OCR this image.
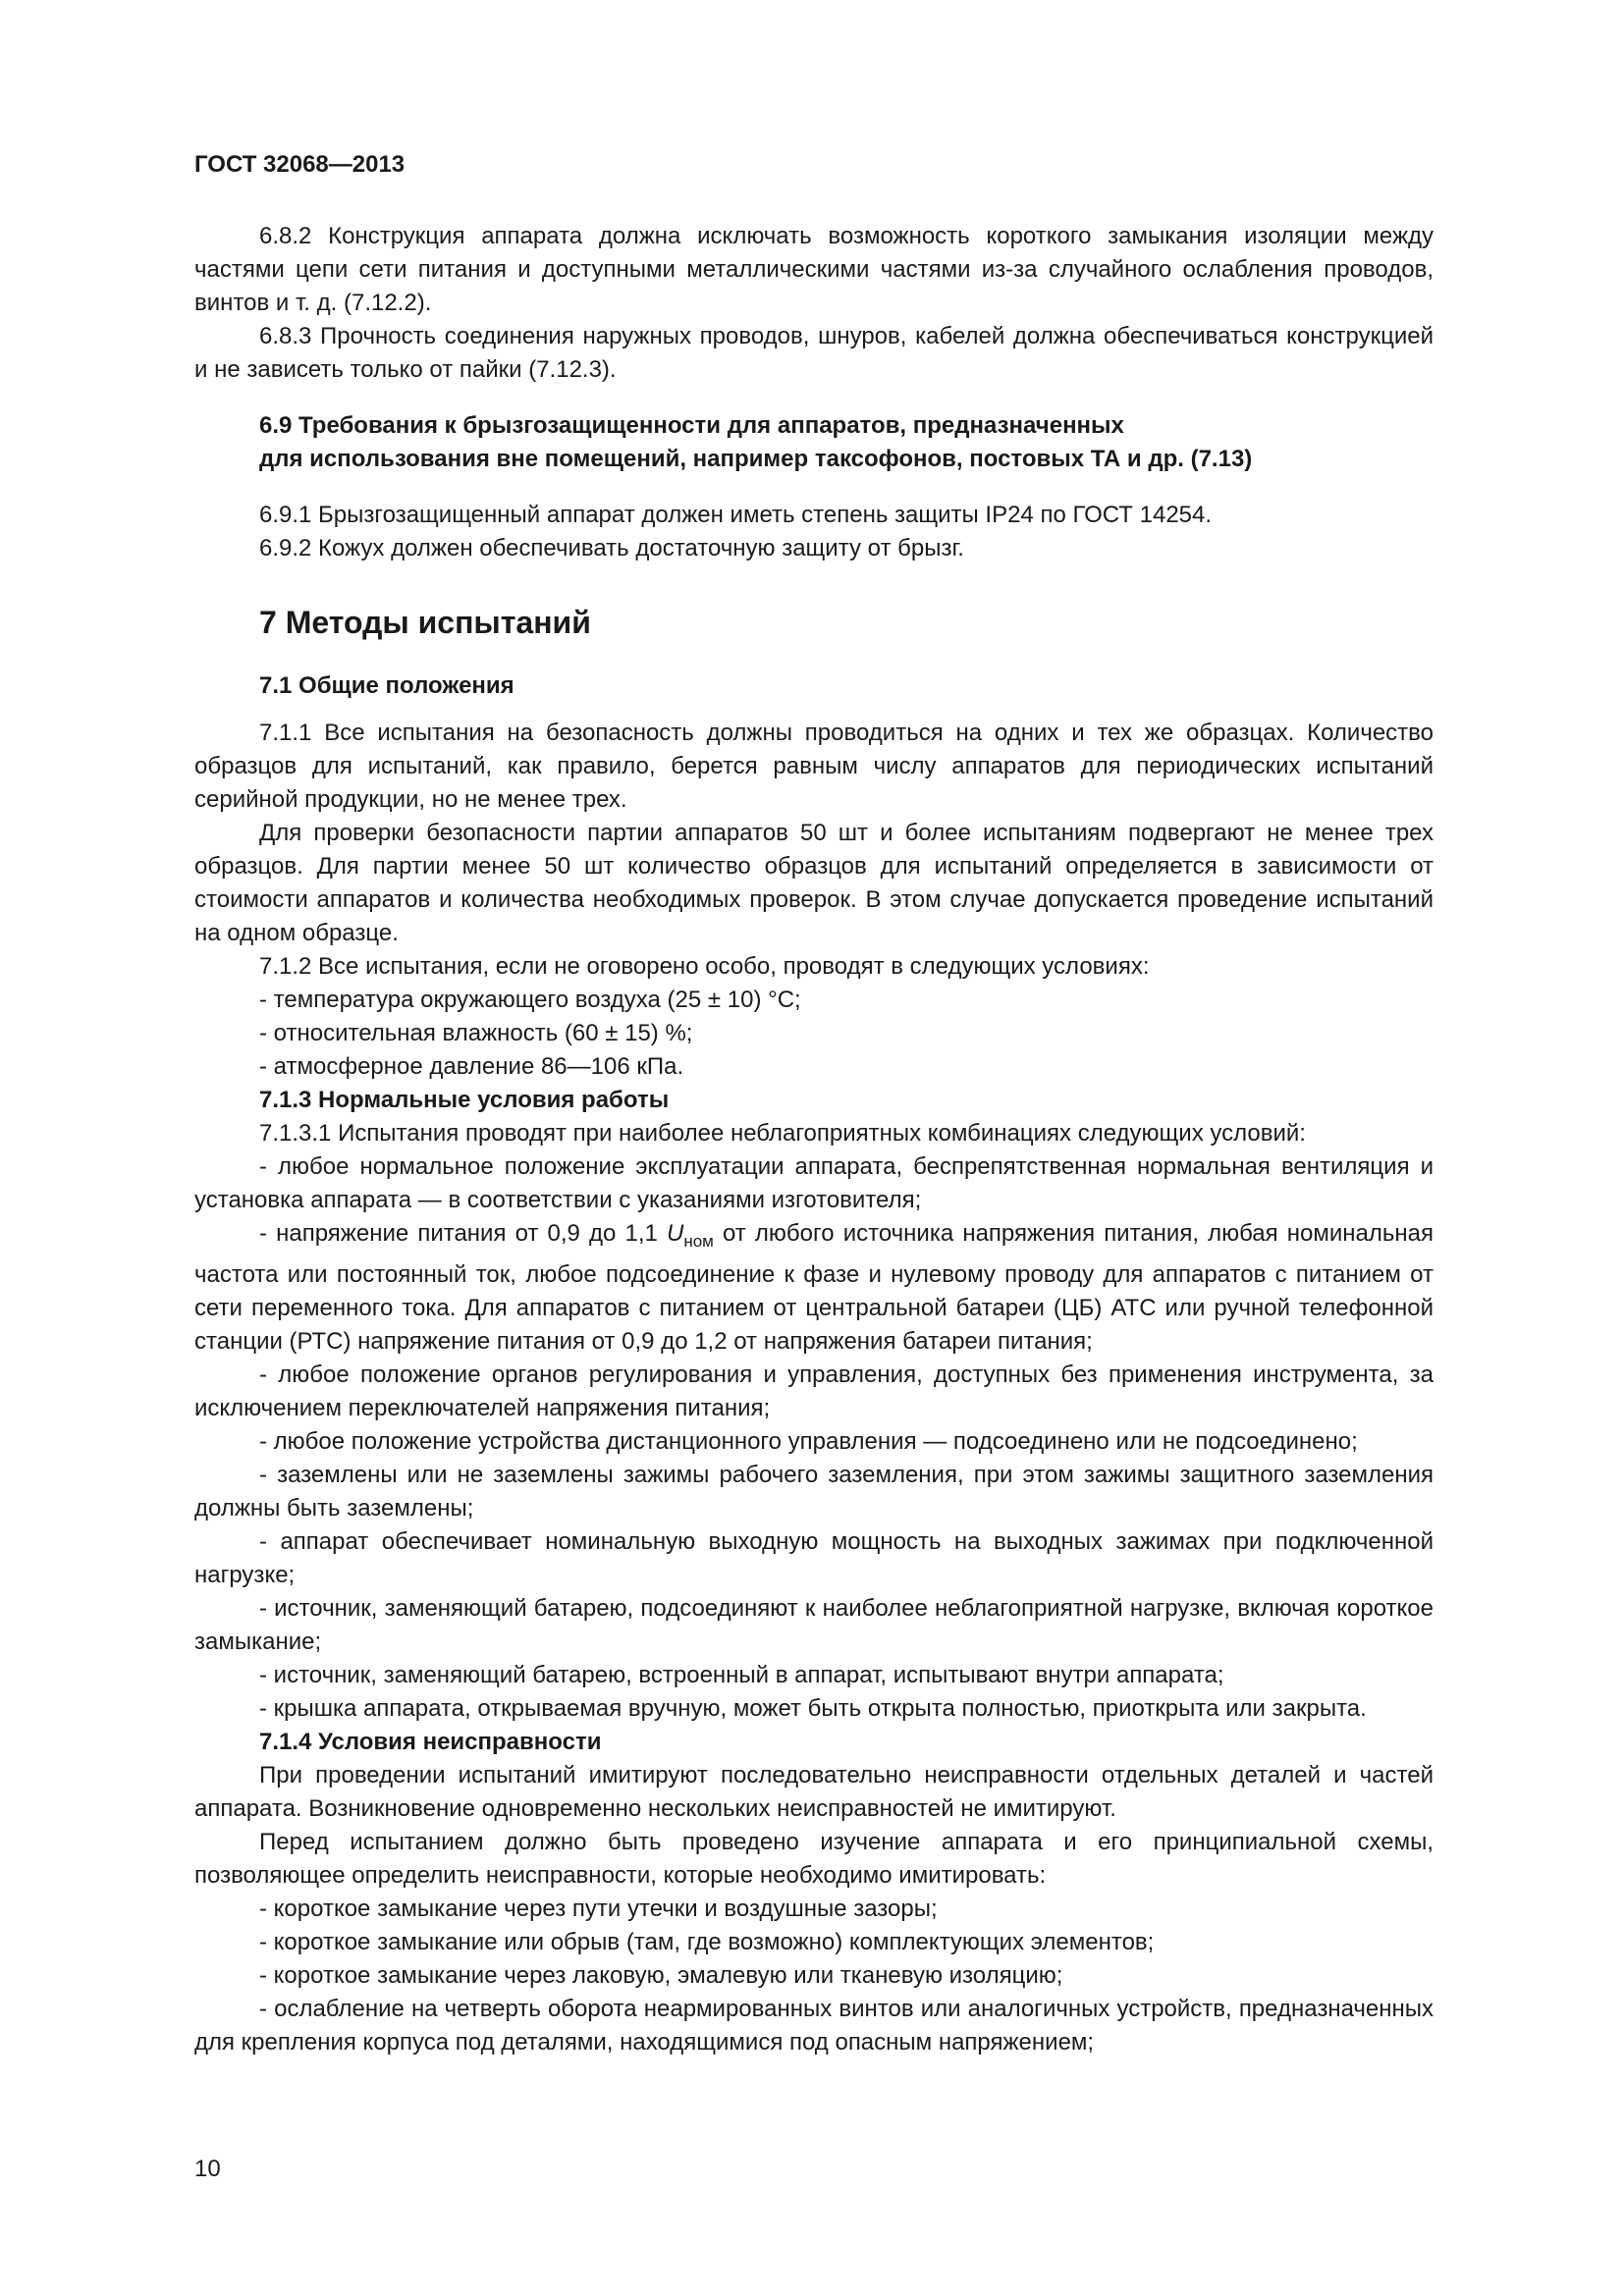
ГОСТ 32068—2013

6.8.2 Конструкция аппарата должна исключать возможность короткого замыкания изоляции между частями цепи сети питания и доступными металлическими частями из-за случайного ослабления проводов, винтов и т. д. (7.12.2).

6.8.3 Прочность соединения наружных проводов, шнуров, кабелей должна обеспечиваться конструкцией и не зависеть только от пайки (7.12.3).

6.9 Требования к брызгозащищенности для аппаратов, предназначенных
для использования вне помещений, например таксофонов, постовых ТА и др. (7.13)

6.9.1 Брызгозащищенный аппарат должен иметь степень защиты IP24 по ГОСТ 14254.

6.9.2 Кожух должен обеспечивать достаточную защиту от брызг.

7 Методы испытаний
7.1 Общие положения

7.1.1 Все испытания на безопасность должны проводиться на одних и тех же образцах. Количество образцов для испытаний, как правило, берется равным числу аппаратов для периодических испытаний серийной продукции, но не менее трех.

Для проверки безопасности партии аппаратов 50 шт и более испытаниям подвергают не менее трех образцов. Для партии менее 50 шт количество образцов для испытаний определяется в зависимости от стоимости аппаратов и количества необходимых проверок. В этом случае допускается проведение испытаний на одном образце.

7.1.2 Все испытания, если не оговорено особо, проводят в следующих условиях:

- температура окружающего воздуха (25 ± 10) °С;

- относительная влажность (60 ± 15) %;

- атмосферное давление 86—106 кПа.

7.1.3 Нормальные условия работы

7.1.3.1 Испытания проводят при наиболее неблагоприятных комбинациях следующих условий:

- любое нормальное положение эксплуатации аппарата, беспрепятственная нормальная вентиляция и установка аппарата — в соответствии с указаниями изготовителя;

- напряжение питания от 0,9 до 1,1 $U_{ном}$ от любого источника напряжения питания, любая номинальная частота или постоянный ток, любое подсоединение к фазе и нулевому проводу для аппаратов с питанием от сети переменного тока. Для аппаратов с питанием от центральной батареи (ЦБ) АТС или ручной телефонной станции (РТС) напряжение питания от 0,9 до 1,2 от напряжения батареи питания;

- любое положение органов регулирования и управления, доступных без применения инструмента, за исключением переключателей напряжения питания;

- любое положение устройства дистанционного управления — подсоединено или не подсоединено;

- заземлены или не заземлены зажимы рабочего заземления, при этом зажимы защитного заземления должны быть заземлены;

- аппарат обеспечивает номинальную выходную мощность на выходных зажимах при подключенной нагрузке;

- источник, заменяющий батарею, подсоединяют к наиболее неблагоприятной нагрузке, включая короткое замыкание;

- источник, заменяющий батарею, встроенный в аппарат, испытывают внутри аппарата;

- крышка аппарата, открываемая вручную, может быть открыта полностью, приоткрыта или закрыта.

7.1.4 Условия неисправности

При проведении испытаний имитируют последовательно неисправности отдельных деталей и частей аппарата. Возникновение одновременно нескольких неисправностей не имитируют.

Перед испытанием должно быть проведено изучение аппарата и его принципиальной схемы, позволяющее определить неисправности, которые необходимо имитировать:

- короткое замыкание через пути утечки и воздушные зазоры;

- короткое замыкание или обрыв (там, где возможно) комплектующих элементов;

- короткое замыкание через лаковую, эмалевую или тканевую изоляцию;

- ослабление на четверть оборота неармированных винтов или аналогичных устройств, предназначенных для крепления корпуса под деталями, находящимися под опасным напряжением;

10
